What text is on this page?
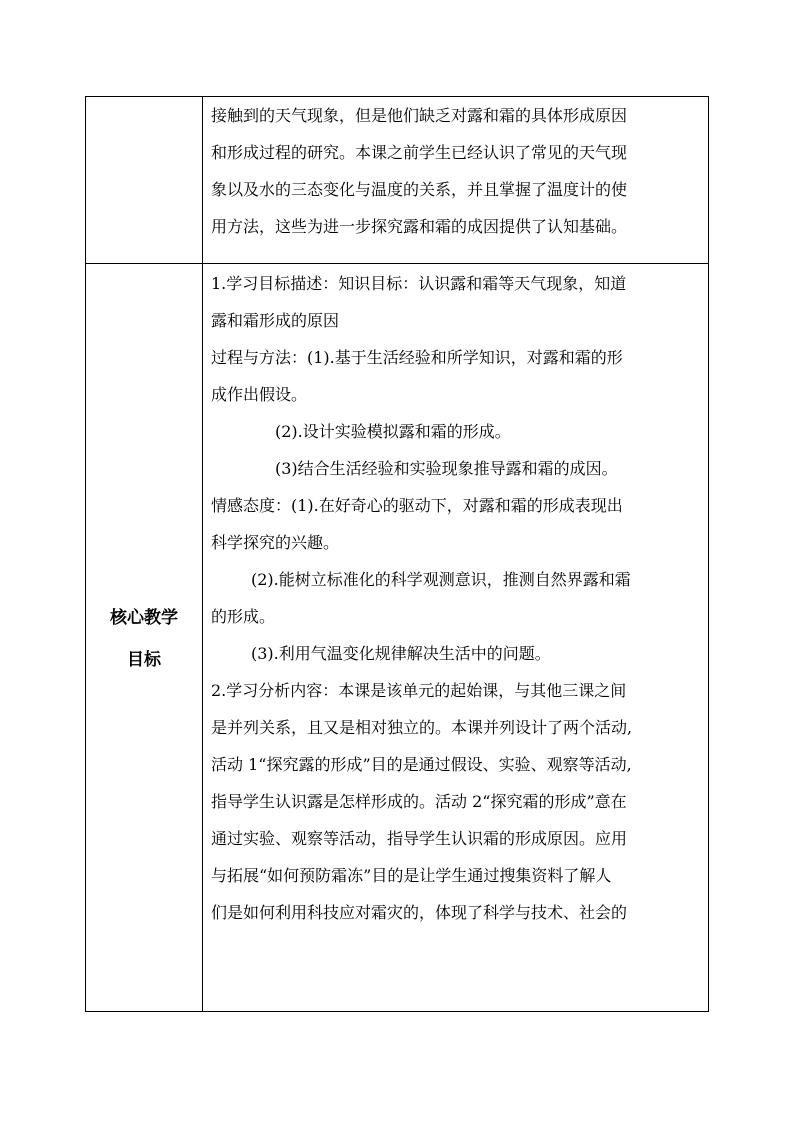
接触到的天气现象，但是他们缺乏对露和霜的具体形成原因
和形成过程的研究。本课之前学生已经认识了常见的天气现
象以及水的三态变化与温度的关系，并且掌握了温度计的使
用方法，这些为进一步探究露和霜的成因提供了认知基础。
核心教学
目标
1.学习目标描述：知识目标：认识露和霜等天气现象，知道
露和霜形成的原因
过程与方法：(1).基于生活经验和所学知识，对露和霜的形
成作出假设。
(2).设计实验模拟露和霜的形成。
(3)结合生活经验和实验现象推导露和霜的成因。
情感态度：(1).在好奇心的驱动下，对露和霜的形成表现出
科学探究的兴趣。
(2).能树立标准化的科学观测意识，推测自然界露和霜
的形成。
(3).利用气温变化规律解决生活中的问题。
2.学习分析内容：本课是该单元的起始课，与其他三课之间
是并列关系，且又是相对独立的。本课并列设计了两个活动,
活动 1“探究露的形成”目的是通过假设、实验、观察等活动,
指导学生认识露是怎样形成的。活动 2“探究霜的形成”意在
通过实验、观察等活动，指导学生认识霜的形成原因。应用
与拓展“如何预防霜冻”目的是让学生通过搜集资料了解人
们是如何利用科技应对霜灾的，体现了科学与技术、社会的
